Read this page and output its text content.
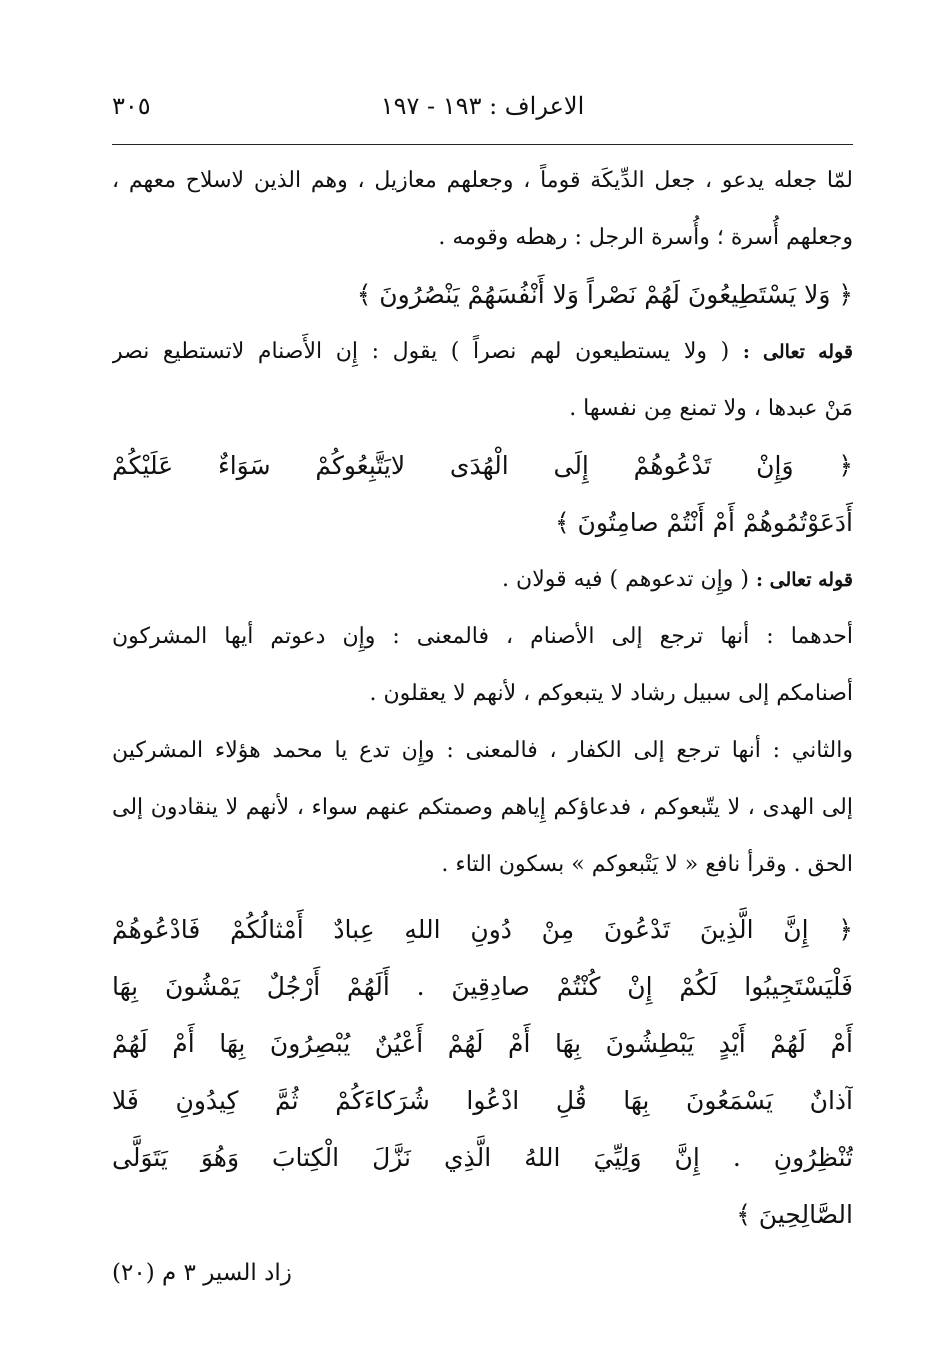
الاعراف : ١٩٣ - ١٩٧
٣٠٥
لمّا جعله يدعو ، جعل الدِّيكَة قوماً ، وجعلهم معازيل ، وهم الذين لاسلاح معهم ،
وجعلهم أُسرة ؛ وأُسرة الرجل : رهطه وقومه .
﴿ وَلا يَسْتَطِيعُونَ لَهُمْ نَصْراً وَلا أَنْفُسَهُمْ يَنْصُرُونَ ﴾
قوله تعالى : ( ولا يستطيعون لهم نصراً ) يقول : إِن الأَصنام لاتستطيع نصر
مَنْ عبدها ، ولا تمنع مِن نفسها .
﴿ وَإِنْ تَدْعُوهُمْ إِلَى الْهُدَى لايَتَّبِعُوكُمْ سَوَاءٌ عَلَيْكُمْ
أَدَعَوْتُمُوهُمْ أَمْ أَنْتُمْ صامِتُونَ ﴾
قوله تعالى : ( وإِن تدعوهم ) فيه قولان .
أحدهما : أنها ترجع إلى الأصنام ، فالمعنى : وإِن دعوتم أيها المشركون
أصنامكم إلى سبيل رشاد لا يتبعوكم ، لأنهم لا يعقلون .
والثاني : أنها ترجع إلى الكفار ، فالمعنى : وإِن تدع يا محمد هؤلاء المشركين
إلى الهدى ، لا يتّبعوكم ، فدعاؤكم إِياهم وصمتكم عنهم سواء ، لأنهم لا ينقادون إلى
الحق . وقرأ نافع « لا يَتْبعوكم » بسكون التاء .
﴿ إِنَّ الَّذِينَ تَدْعُونَ مِنْ دُونِ اللهِ عِبادٌ أَمْثالُكُمْ فَادْعُوهُمْ
فَلْيَسْتَجِيبُوا لَكُمْ إِنْ كُنْتُمْ صادِقِينَ . أَلَهُمْ أَرْجُلٌ يَمْشُونَ بِهَا
أَمْ لَهُمْ أَيْدٍ يَبْطِشُونَ بِهَا أَمْ لَهُمْ أَعْيُنٌ يُبْصِرُونَ بِهَا أَمْ لَهُمْ
آذانٌ يَسْمَعُونَ بِهَا قُلِ ادْعُوا شُرَكاءَكُمْ ثُمَّ كِيدُونِ فَلا
تُنْظِرُونِ . إِنَّ وَلِيِّيَ اللهُ الَّذِي نَزَّلَ الْكِتابَ وَهُوَ يَتَوَلَّى
الصَّالِحِينَ ﴾
زاد السير ٣ م (٢٠)
